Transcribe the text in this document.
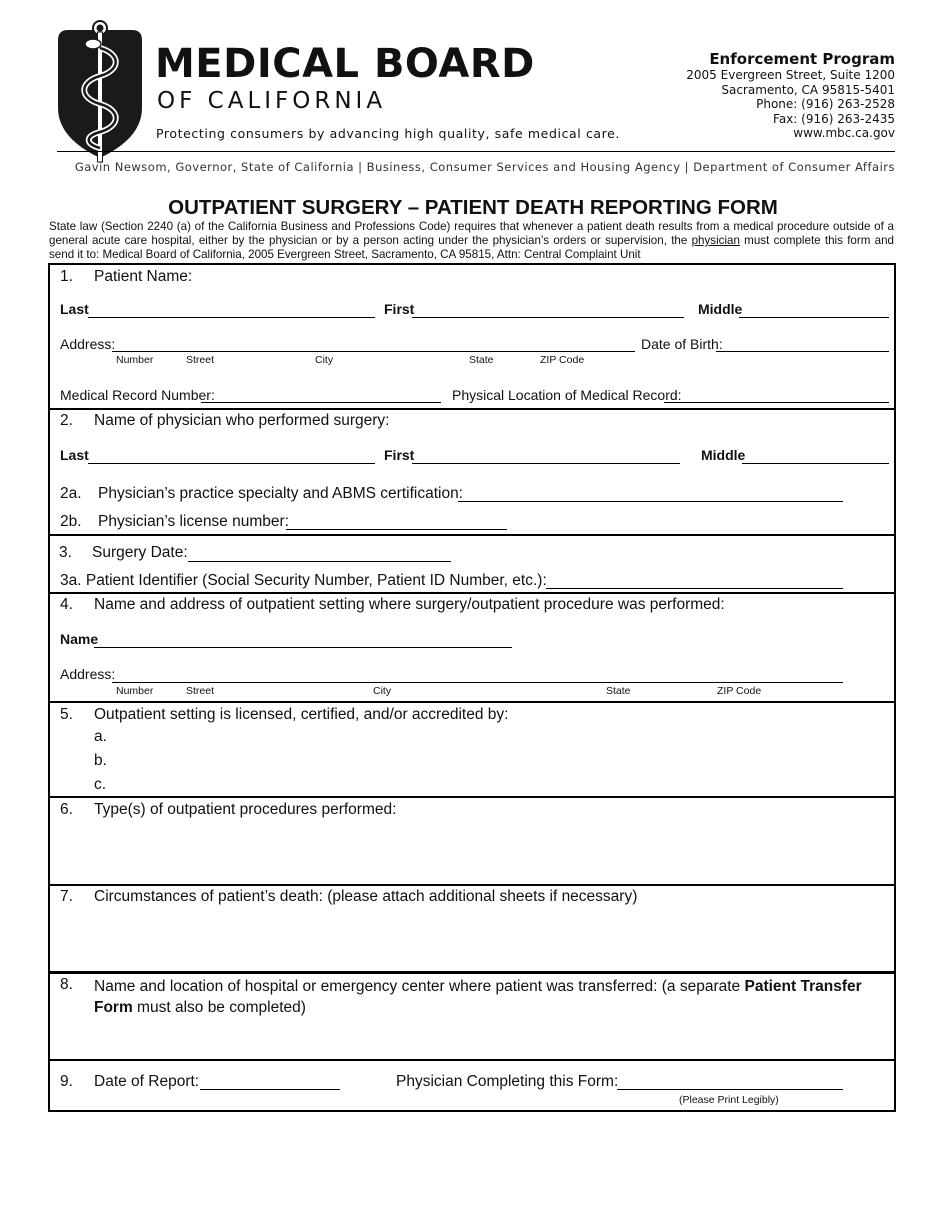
MEDICAL BOARD
OF CALIFORNIA
Protecting consumers by advancing high quality, safe medical care.
Enforcement Program
2005 Evergreen Street, Suite 1200
Sacramento, CA 95815-5401
Phone: (916) 263-2528
Fax: (916) 263-2435
www.mbc.ca.gov
Gavin Newsom, Governor, State of California | Business, Consumer Services and Housing Agency | Department of Consumer Affairs
OUTPATIENT SURGERY – PATIENT DEATH REPORTING FORM
State law (Section 2240 (a) of the California Business and Professions Code) requires that whenever a patient death results from a medical procedure outside of a general acute care hospital, either by the physician or by a person acting under the physician’s orders or supervision, the physician must complete this form and send it to: Medical Board of California, 2005 Evergreen Street, Sacramento, CA 95815, Attn: Central Complaint Unit
1. Patient Name:
Last	First	Middle
Address:
Number	Street	City	State	ZIP Code
Date of Birth:
Medical Record Number:	Physical Location of Medical Record:
2. Name of physician who performed surgery:
Last	First	Middle
2a. Physician’s practice specialty and ABMS certification:
2b. Physician’s license number:
3. Surgery Date:
3a. Patient Identifier (Social Security Number, Patient ID Number, etc.):
4. Name and address of outpatient setting where surgery/outpatient procedure was performed:
Name
Address:
Number	Street	City	State	ZIP Code
5. Outpatient setting is licensed, certified, and/or accredited by:
a.
b.
c.
6. Type(s) of outpatient procedures performed:
7. Circumstances of patient’s death: (please attach additional sheets if necessary)
8. Name and location of hospital or emergency center where patient was transferred: (a separate Patient Transfer
Form must also be completed)
9. Date of Report:	Physician Completing this Form:
(Please Print Legibly)
